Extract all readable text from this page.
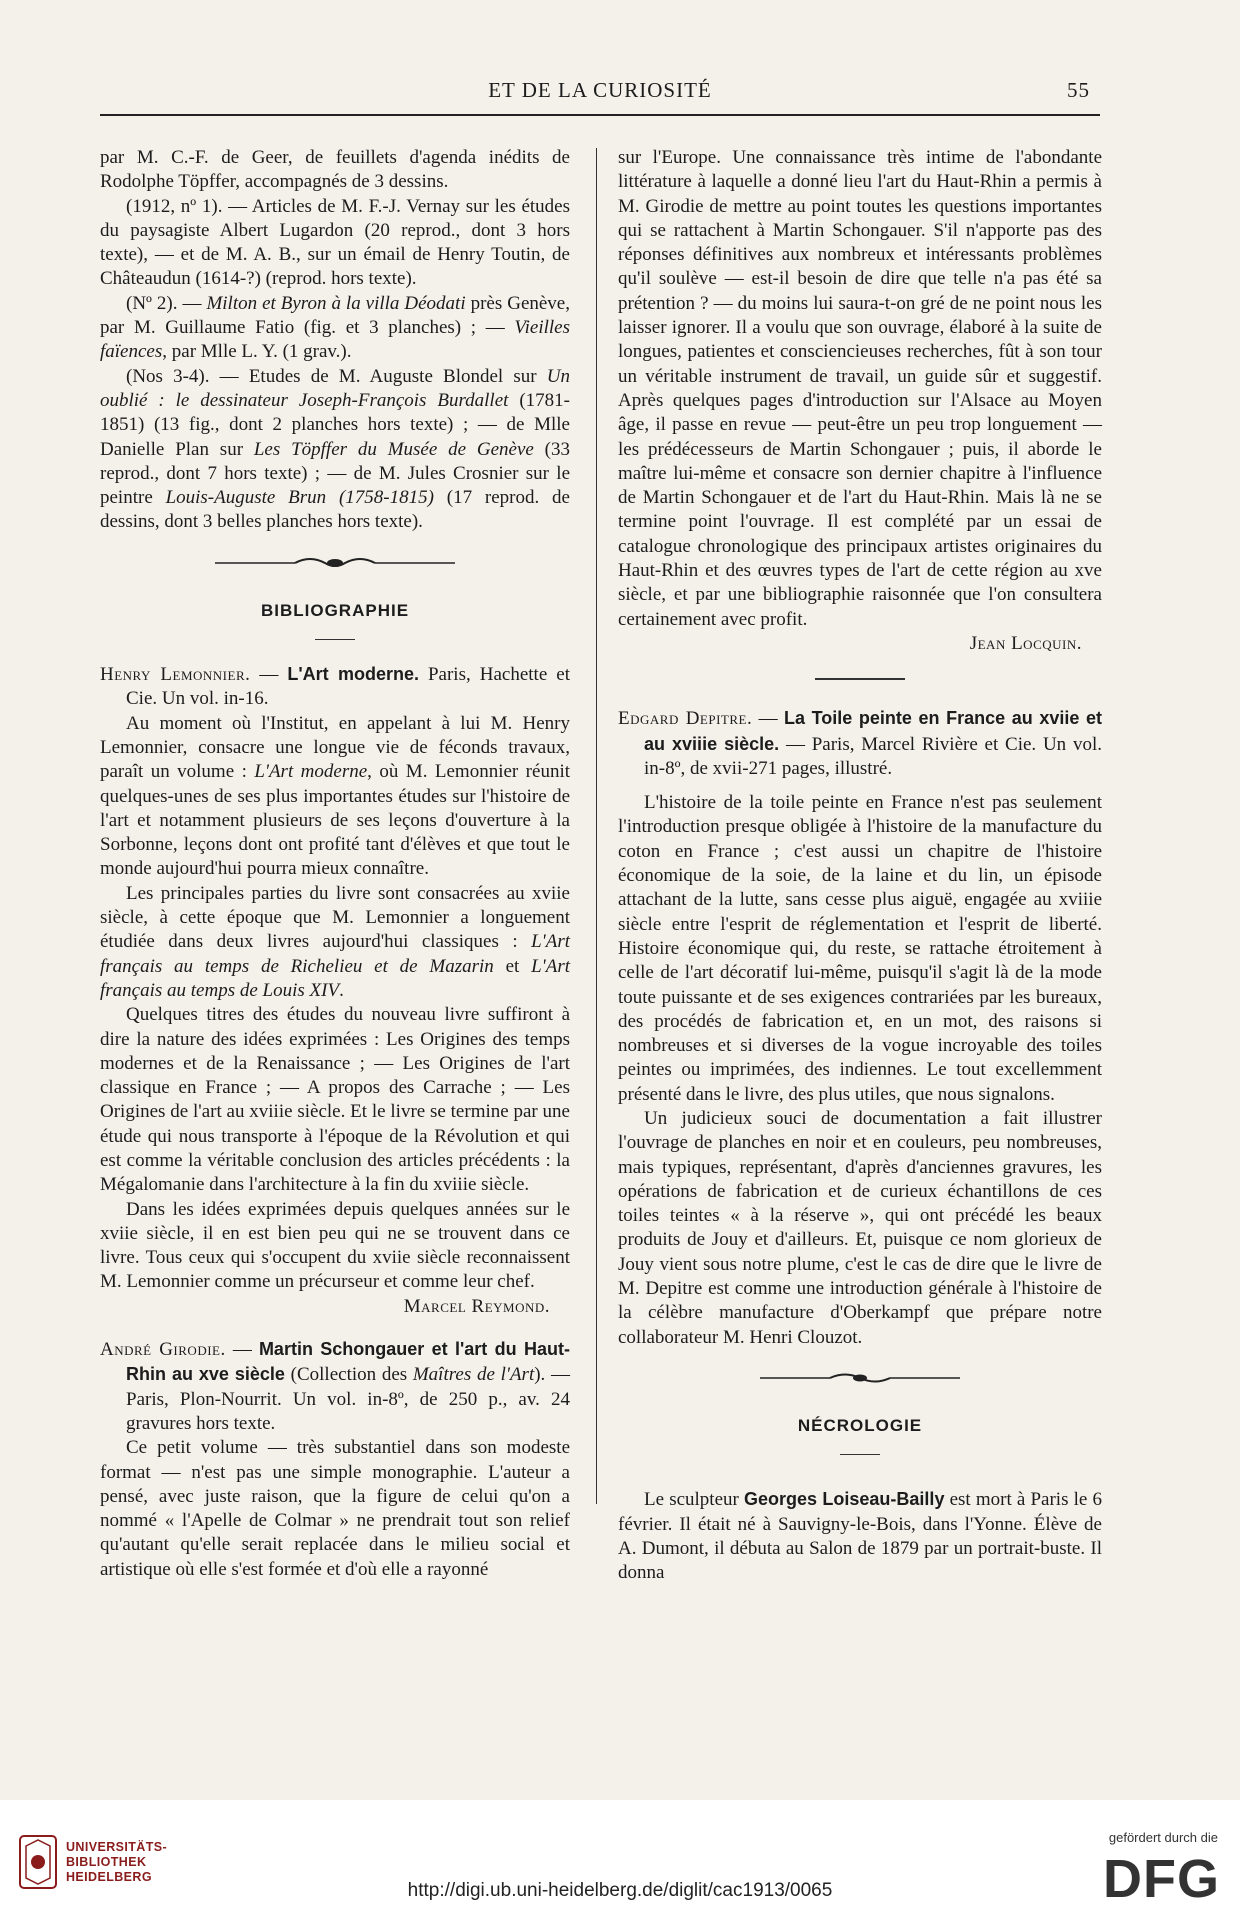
ET DE LA CURIOSITÉ	55

par M. C.-F. de Geer, de feuillets d'agenda inédits de Rodolphe Töpffer, accompagnés de 3 dessins.

(1912, nº 1). — Articles de M. F.-J. Vernay sur les études du paysagiste Albert Lugardon (20 reprod., dont 3 hors texte), — et de M. A. B., sur un émail de Henry Toutin, de Châteaudun (1614-?) (reprod. hors texte).

(Nº 2). — Milton et Byron à la villa Déodati près Genève, par M. Guillaume Fatio (fig. et 3 planches) ; — Vieilles faïences, par Mlle L. Y. (1 grav.).

(Nos 3-4). — Etudes de M. Auguste Blondel sur Un oublié : le dessinateur Joseph-François Burdallet (1781-1851) (13 fig., dont 2 planches hors texte) ; — de Mlle Danielle Plan sur Les Töpffer du Musée de Genève (33 reprod., dont 7 hors texte) ; — de M. Jules Crosnier sur le peintre Louis-Auguste Brun (1758-1815) (17 reprod. de dessins, dont 3 belles planches hors texte).

BIBLIOGRAPHIE

Henry Lemonnier. — L'Art moderne. Paris, Hachette et Cie. Un vol. in-16.

Au moment où l'Institut, en appelant à lui M. Henry Lemonnier, consacre une longue vie de féconds travaux, paraît un volume : L'Art moderne, où M. Lemonnier réunit quelques-unes de ses plus importantes études sur l'histoire de l'art et notamment plusieurs de ses leçons d'ouverture à la Sorbonne, leçons dont ont profité tant d'élèves et que tout le monde aujourd'hui pourra mieux connaître.

Les principales parties du livre sont consacrées au xviie siècle, à cette époque que M. Lemonnier a longuement étudiée dans deux livres aujourd'hui classiques : L'Art français au temps de Richelieu et de Mazarin et L'Art français au temps de Louis XIV.

Quelques titres des études du nouveau livre suffiront à dire la nature des idées exprimées : Les Origines des temps modernes et de la Renaissance ; — Les Origines de l'art classique en France ; — A propos des Carrache ; — Les Origines de l'art au xviiie siècle. Et le livre se termine par une étude qui nous transporte à l'époque de la Révolution et qui est comme la véritable conclusion des articles précédents : la Mégalomanie dans l'architecture à la fin du xviiie siècle.

Dans les idées exprimées depuis quelques années sur le xviie siècle, il en est bien peu qui ne se trouvent dans ce livre. Tous ceux qui s'occupent du xviie siècle reconnaissent M. Lemonnier comme un précurseur et comme leur chef.

Marcel Reymond.

André Girodie. — Martin Schongauer et l'art du Haut-Rhin au xve siècle (Collection des Maîtres de l'Art). — Paris, Plon-Nourrit. Un vol. in-8º, de 250 p., av. 24 gravures hors texte.

Ce petit volume — très substantiel dans son modeste format — n'est pas une simple monographie. L'auteur a pensé, avec juste raison, que la figure de celui qu'on a nommé « l'Apelle de Colmar » ne prendrait tout son relief qu'autant qu'elle serait replacée dans le milieu social et artistique où elle s'est formée et d'où elle a rayonné

sur l'Europe. Une connaissance très intime de l'abondante littérature à laquelle a donné lieu l'art du Haut-Rhin a permis à M. Girodie de mettre au point toutes les questions importantes qui se rattachent à Martin Schongauer. S'il n'apporte pas des réponses définitives aux nombreux et intéressants problèmes qu'il soulève — est-il besoin de dire que telle n'a pas été sa prétention ? — du moins lui saura-t-on gré de ne point nous les laisser ignorer. Il a voulu que son ouvrage, élaboré à la suite de longues, patientes et consciencieuses recherches, fût à son tour un véritable instrument de travail, un guide sûr et suggestif. Après quelques pages d'introduction sur l'Alsace au Moyen âge, il passe en revue — peut-être un peu trop longuement — les prédécesseurs de Martin Schongauer ; puis, il aborde le maître lui-même et consacre son dernier chapitre à l'influence de Martin Schongauer et de l'art du Haut-Rhin. Mais là ne se termine point l'ouvrage. Il est complété par un essai de catalogue chronologique des principaux artistes originaires du Haut-Rhin et des œuvres types de l'art de cette région au xve siècle, et par une bibliographie raisonnée que l'on consultera certainement avec profit.

Jean Locquin.

Edgard Depitre. — La Toile peinte en France au xviie et au xviiie siècle. — Paris, Marcel Rivière et Cie. Un vol. in-8º, de xvii-271 pages, illustré.

L'histoire de la toile peinte en France n'est pas seulement l'introduction presque obligée à l'histoire de la manufacture du coton en France ; c'est aussi un chapitre de l'histoire économique de la soie, de la laine et du lin, un épisode attachant de la lutte, sans cesse plus aiguë, engagée au xviiie siècle entre l'esprit de réglementation et l'esprit de liberté. Histoire économique qui, du reste, se rattache étroitement à celle de l'art décoratif lui-même, puisqu'il s'agit là de la mode toute puissante et de ses exigences contrariées par les bureaux, des procédés de fabrication et, en un mot, des raisons si nombreuses et si diverses de la vogue incroyable des toiles peintes ou imprimées, des indiennes. Le tout excellemment présenté dans le livre, des plus utiles, que nous signalons.

Un judicieux souci de documentation a fait illustrer l'ouvrage de planches en noir et en couleurs, peu nombreuses, mais typiques, représentant, d'après d'anciennes gravures, les opérations de fabrication et de curieux échantillons de ces toiles teintes « à la réserve », qui ont précédé les beaux produits de Jouy et d'ailleurs. Et, puisque ce nom glorieux de Jouy vient sous notre plume, c'est le cas de dire que le livre de M. Depitre est comme une introduction générale à l'histoire de la célèbre manufacture d'Oberkampf que prépare notre collaborateur M. Henri Clouzot.

NÉCROLOGIE

Le sculpteur Georges Loiseau-Bailly est mort à Paris le 6 février. Il était né à Sauvigny-le-Bois, dans l'Yonne. Élève de A. Dumont, il débuta au Salon de 1879 par un portrait-buste. Il donna

UNIVERSITÄTS-
BIBLIOTHEK
HEIDELBERG
http://digi.ub.uni-heidelberg.de/diglit/cac1913/0065
gefördert durch die
DFG
